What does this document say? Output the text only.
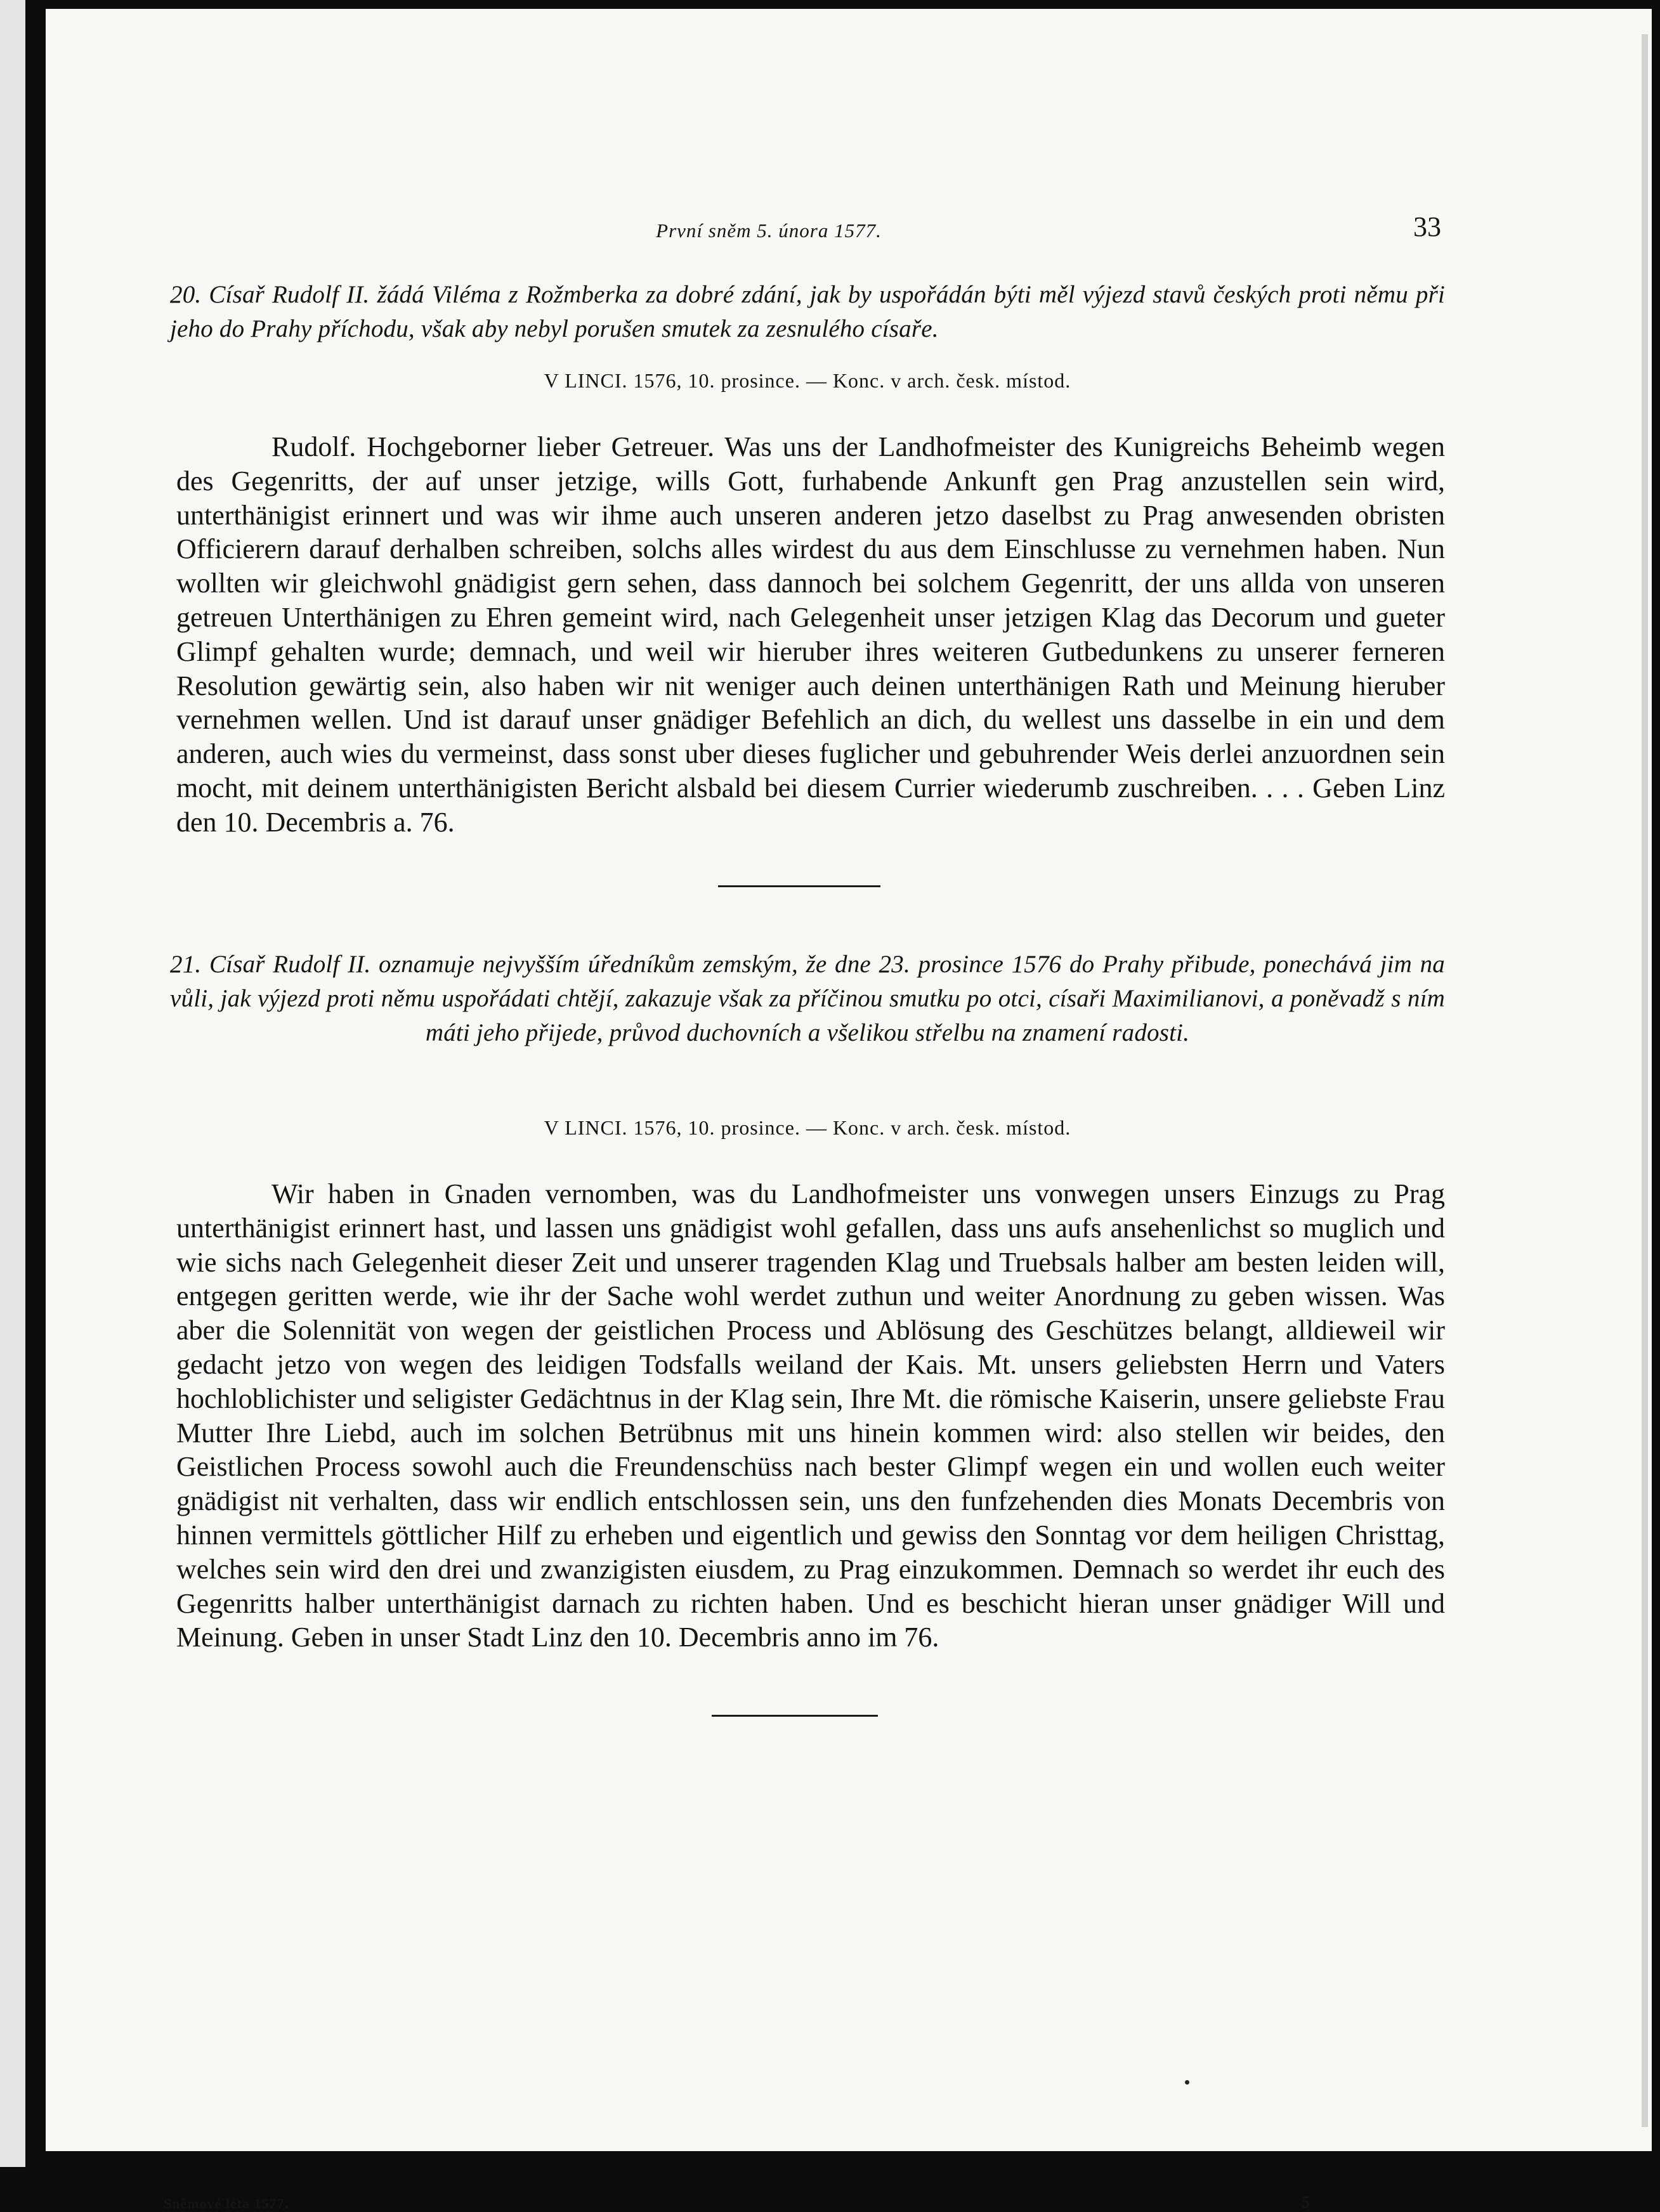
První sněm 5. února 1577.	33
20. Císař Rudolf II. žádá Viléma z Rožmberka za dobré zdání, jak by uspořádán býti měl výjezd stavů českých proti němu při jeho do Prahy příchodu, však aby nebyl porušen smutek za zesnulého císaře.
V LINCI. 1576, 10. prosince. — Konc. v arch. česk. místod.
Rudolf. Hochgeborner lieber Getreuer. Was uns der Landhofmeister des Kunigreichs Beheimb wegen des Gegenritts, der auf unser jetzige, wills Gott, furhabende Ankunft gen Prag anzustellen sein wird, unterthänigist erinnert und was wir ihme auch unseren anderen jetzo daselbst zu Prag anwesenden obristen Officierern darauf derhalben schreiben, solchs alles wirdest du aus dem Einschlusse zu vernehmen haben. Nun wollten wir gleichwohl gnädigist gern sehen, dass dannoch bei solchem Gegenritt, der uns allda von unseren getreuen Unterthänigen zu Ehren gemeint wird, nach Gelegenheit unser jetzigen Klag das Decorum und gueter Glimpf gehalten wurde; demnach, und weil wir hieruber ihres weiteren Gutbedunkens zu unserer ferneren Resolution gewärtig sein, also haben wir nit weniger auch deinen unterthänigen Rath und Meinung hieruber vernehmen wellen. Und ist darauf unser gnädiger Befehlich an dich, du wellest uns dasselbe in ein und dem anderen, auch wies du vermeinst, dass sonst uber dieses fuglicher und gebuhrender Weis derlei anzuordnen sein mocht, mit deinem unterthänigisten Bericht alsbald bei diesem Currier wiederumb zuschreiben. . . . Geben Linz den 10. Decembris a. 76.
21. Císař Rudolf II. oznamuje nejvyšším úředníkům zemským, že dne 23. prosince 1576 do Prahy přibude, ponechává jim na vůli, jak výjezd proti němu uspořádati chtějí, zakazuje však za příčinou smutku po otci, císaři Maximilianovi, a poněvadž s ním máti jeho přijede, průvod duchovních a všelikou střelbu na znamení radosti.
V LINCI. 1576, 10. prosince. — Konc. v arch. česk. místod.
Wir haben in Gnaden vernomben, was du Landhofmeister uns vonwegen unsers Einzugs zu Prag unterthänigist erinnert hast, und lassen uns gnädigist wohl gefallen, dass uns aufs ansehenlichst so muglich und wie sichs nach Gelegenheit dieser Zeit und unserer tragenden Klag und Truebsals halber am besten leiden will, entgegen geritten werde, wie ihr der Sache wohl werdet zuthun und weiter Anordnung zu geben wissen. Was aber die Solennität von wegen der geistlichen Process und Ablösung des Geschützes belangt, alldieweil wir gedacht jetzo von wegen des leidigen Todsfalls weiland der Kais. Mt. unsers geliebsten Herrn und Vaters hochloblichister und seligister Gedächtnus in der Klag sein, Ihre Mt. die römische Kaiserin, unsere geliebste Frau Mutter Ihre Liebd, auch im solchen Betrübnus mit uns hinein kommen wird: also stellen wir beides, den Geistlichen Process sowohl auch die Freundenschüss nach bester Glimpf wegen ein und wollen euch weiter gnädigist nit verhalten, dass wir endlich entschlossen sein, uns den funfzehenden dies Monats Decembris von hinnen vermittels göttlicher Hilf zu erheben und eigentlich und gewiss den Sonntag vor dem heiligen Christtag, welches sein wird den drei und zwanzigisten eiusdem, zu Prag einzukommen. Demnach so werdet ihr euch des Gegenritts halber unterthänigist darnach zu richten haben. Und es beschicht hieran unser gnädiger Will und Meinung. Geben in unser Stadt Linz den 10. Decembris anno im 76.
Sněmové léta 1577.	5
